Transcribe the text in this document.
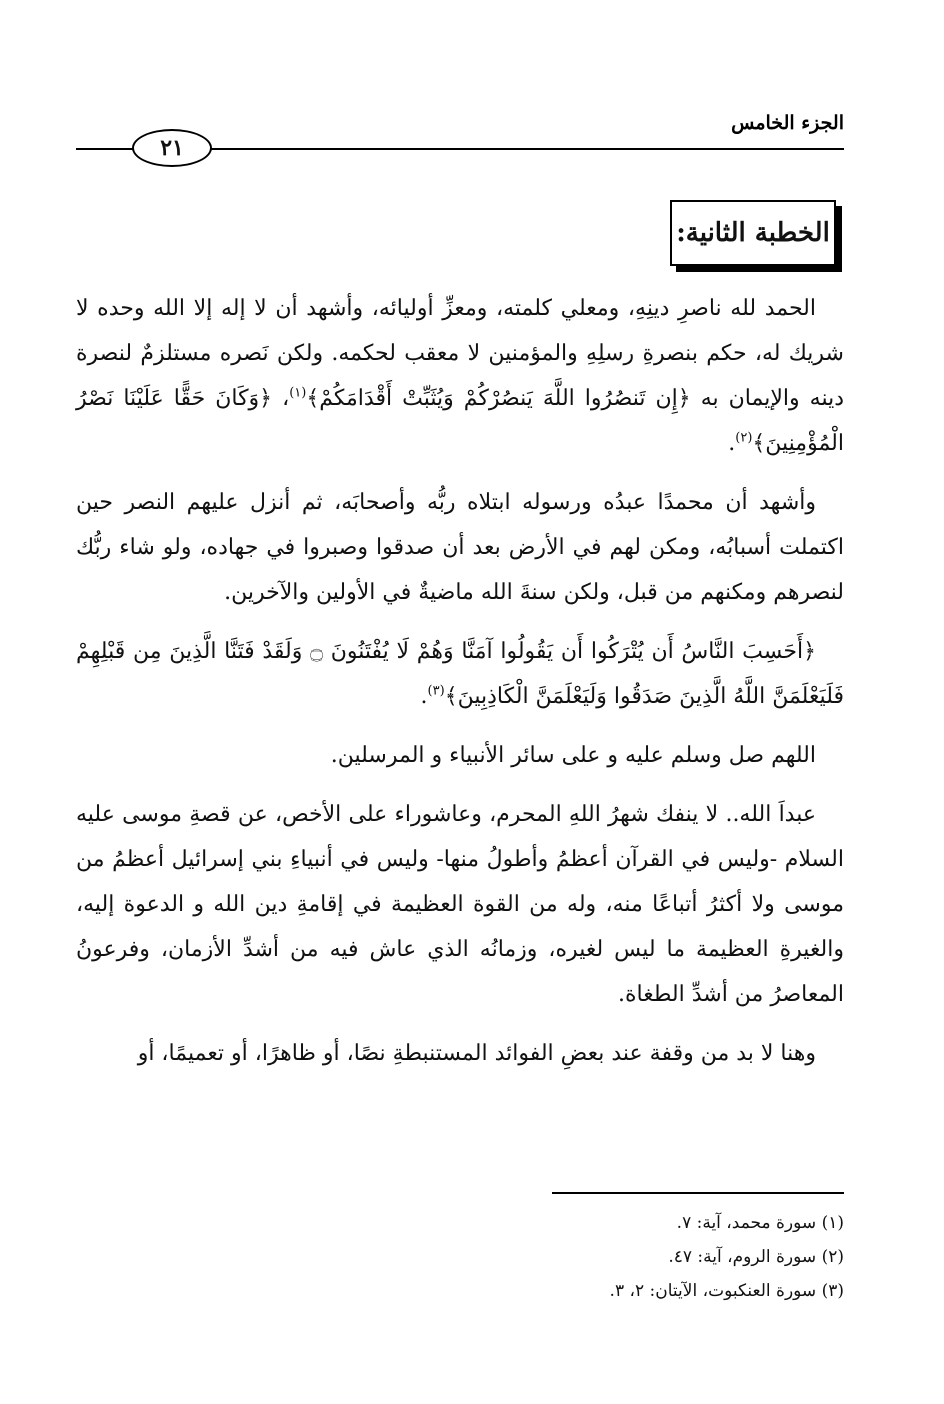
الجزء الخامس
٢١
الخطبة الثانية:

الحمد لله ناصرِ دينِهِ، ومعلي كلمته، ومعزِّ أوليائه، وأشهد أن لا إله إلا الله وحده لا شريك له، حكم بنصرةِ رسلِهِ والمؤمنين لا معقب لحكمه. ولكن نَصره مستلزمٌ لنصرة دينه والإيمان به ﴿إِن تَنصُرُوا اللَّهَ يَنصُرْكُمْ وَيُثَبِّتْ أَقْدَامَكُمْ﴾$^{(١)}$، ﴿وَكَانَ حَقًّا عَلَيْنَا نَصْرُ الْمُؤْمِنِينَ﴾$^{(٢)}$.

وأشهد أن محمدًا عبدُه ورسوله ابتلاه ربُّه وأصحابَه، ثم أنزل عليهم النصر حين اكتملت أسبابُه، ومكن لهم في الأرض بعد أن صدقوا وصبروا في جهاده، ولو شاء ربُّك لنصرهم ومكنهم من قبل، ولكن سنةَ الله ماضيةٌ في الأولين والآخرين.

﴿أَحَسِبَ النَّاسُ أَن يُتْرَكُوا أَن يَقُولُوا آمَنَّا وَهُمْ لَا يُفْتَنُونَ ۝ وَلَقَدْ فَتَنَّا الَّذِينَ مِن قَبْلِهِمْ فَلَيَعْلَمَنَّ اللَّهُ الَّذِينَ صَدَقُوا وَلَيَعْلَمَنَّ الْكَاذِبِينَ﴾$^{(٣)}$.

اللهم صل وسلم عليه و على سائر الأنبياء و المرسلين.

عبداَ الله.. لا ينفك شهرُ اللهِ المحرم، وعاشوراء على الأخص، عن قصةِ موسى عليه السلام -وليس في القرآن أعظمُ وأطولُ منها- وليس في أنبياءِ بني إسرائيل أعظمُ من موسى ولا أكثرُ أتباعًا منه، وله من القوة العظيمة في إقامةِ دين الله و الدعوة إليه، والغيرةِ العظيمة ما ليس لغيره، وزمانُه الذي عاش فيه من أشدِّ الأزمان، وفرعونُ المعاصرُ من أشدِّ الطغاة.

وهنا لا بد من وقفة عند بعضِ الفوائد المستنبطةِ نصًا، أو ظاهرًا، أو تعميمًا، أو

(١) سورة محمد، آية: ٧.

(٢) سورة الروم، آية: ٤٧.

(٣) سورة العنكبوت، الآيتان: ٢، ٣.
